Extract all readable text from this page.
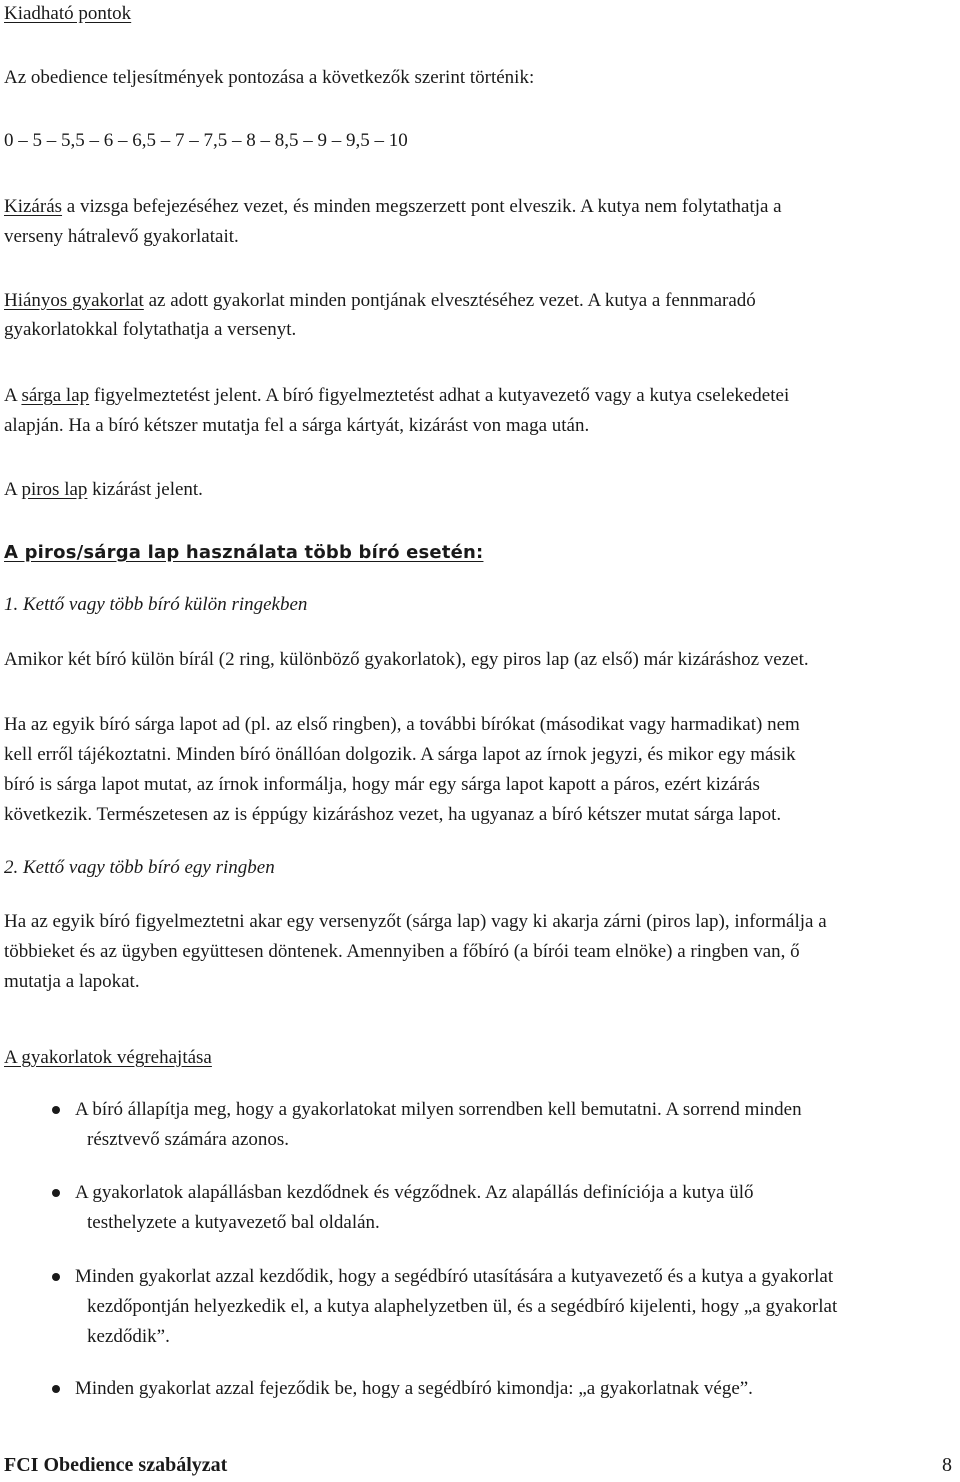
Kiadható pontok
Az obedience teljesítmények pontozása a következők szerint történik:
0 – 5 – 5,5 – 6 – 6,5 – 7 – 7,5 – 8 – 8,5 – 9 – 9,5 – 10
Kizárás a vizsga befejezéséhez vezet, és minden megszerzett pont elveszik. A kutya nem folytathatja a
verseny hátralevő gyakorlatait.
Hiányos gyakorlat az adott gyakorlat minden pontjának elvesztéséhez vezet. A kutya a fennmaradó
gyakorlatokkal folytathatja a versenyt.
A sárga lap figyelmeztetést jelent. A bíró figyelmeztetést adhat a kutyavezető vagy a kutya cselekedetei
alapján. Ha a bíró kétszer mutatja fel a sárga kártyát, kizárást von maga után.
A piros lap kizárást jelent.
A piros/sárga lap használata több bíró esetén:
1. Kettő vagy több bíró külön ringekben
Amikor két bíró külön bírál (2 ring, különböző gyakorlatok), egy piros lap (az első) már kizáráshoz vezet.
Ha az egyik bíró sárga lapot ad (pl. az első ringben), a további bírókat (másodikat vagy harmadikat) nem
kell erről tájékoztatni. Minden bíró önállóan dolgozik. A sárga lapot az írnok jegyzi, és mikor egy másik
bíró is sárga lapot mutat, az írnok informálja, hogy már egy sárga lapot kapott a páros, ezért kizárás
következik. Természetesen az is éppúgy kizáráshoz vezet, ha ugyanaz a bíró kétszer mutat sárga lapot.
2. Kettő vagy több bíró egy ringben
Ha az egyik bíró figyelmeztetni akar egy versenyzőt (sárga lap) vagy ki akarja zárni (piros lap), informálja a
többieket és az ügyben együttesen döntenek. Amennyiben a főbíró (a bírói team elnöke) a ringben van, ő
mutatja a lapokat.
A gyakorlatok végrehajtása
A bíró állapítja meg, hogy a gyakorlatokat milyen sorrendben kell bemutatni. A sorrend minden
résztvevő számára azonos.
A gyakorlatok alapállásban kezdődnek és végződnek. Az alapállás definíciója a kutya ülő
testhelyzete a kutyavezető bal oldalán.
Minden gyakorlat azzal kezdődik, hogy a segédbíró utasítására a kutyavezető és a kutya a gyakorlat
kezdőpontján helyezkedik el, a kutya alaphelyzetben ül, és a segédbíró kijelenti, hogy „a gyakorlat
kezdődik”.
Minden gyakorlat azzal fejeződik be, hogy a segédbíró kimondja: „a gyakorlatnak vége”.
FCI Obedience szabályzat	8
